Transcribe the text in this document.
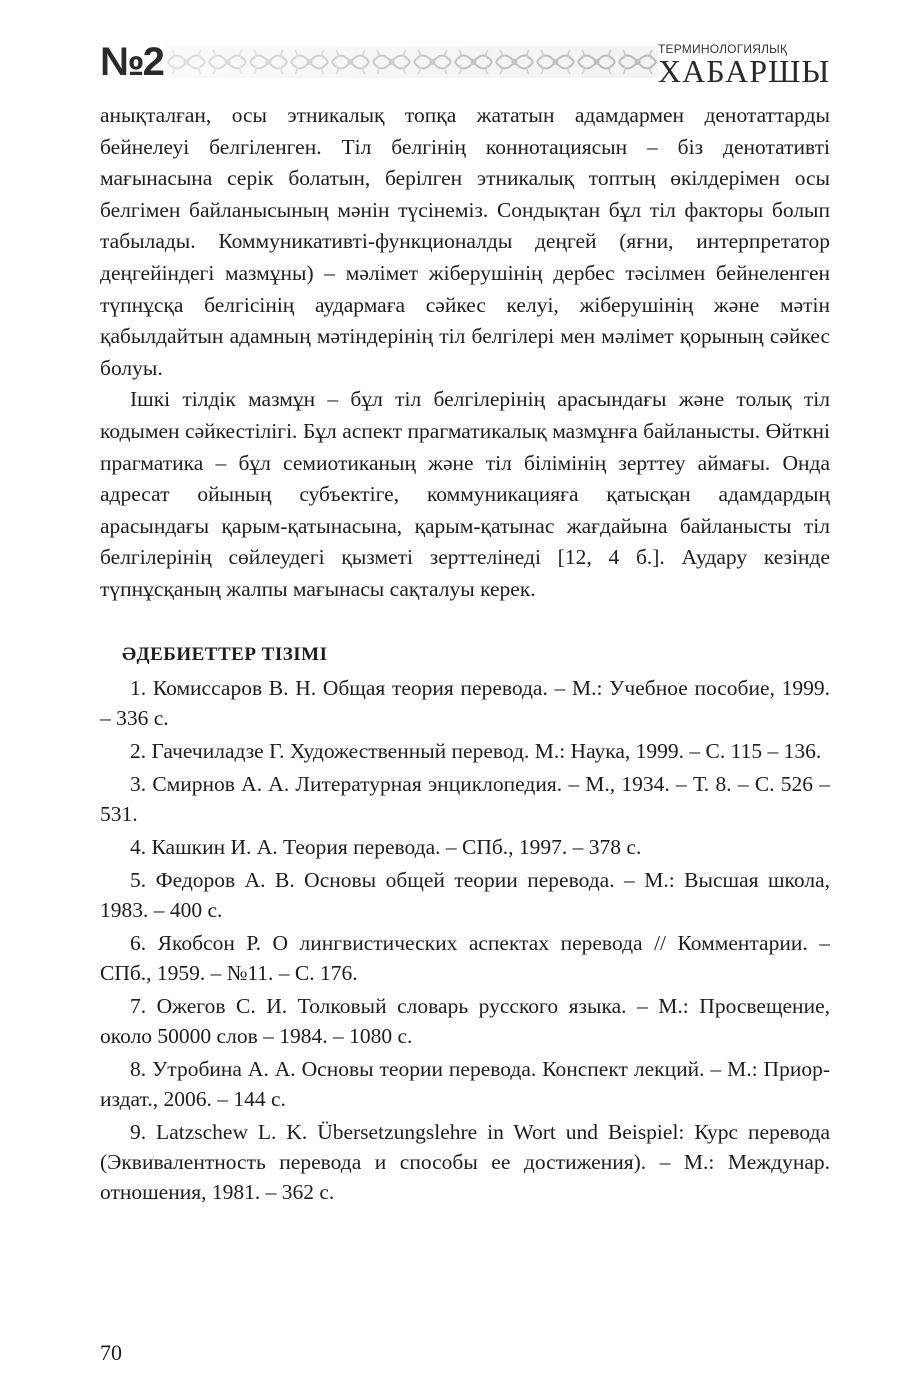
№2	ТЕРМИНОЛОГИЯЛЫҚ
ХАБАРШЫ

анықталған, осы этникалық топқа жататын адамдармен денотаттарды бейнелеуі белгіленген. Тіл белгінің коннотациясын – біз денотативті мағынасына серік болатын, берілген этникалық топтың өкілдерімен осы белгімен байланысының мәнін түсінеміз. Сондықтан бұл тіл факторы болып табылады. Коммуникативті-функционалды деңгей (яғни, интерпретатор деңгейіндегі мазмұны) – мәлімет жіберушінің дербес тәсілмен бейнеленген түпнұсқа белгісінің аудармаға сәйкес келуі, жіберушінің және мәтін қабылдайтын адамның мәтіндерінің тіл белгілері мен мәлімет қорының сәйкес болуы.

Ішкі тілдік мазмұн – бұл тіл белгілерінің арасындағы және толық тіл кодымен сәйкестілігі. Бұл аспект прагматикалық мазмұнға байланысты. Өйткні прагматика – бұл семиотиканың және тіл білімінің зерттеу аймағы. Онда адресат ойының субъектіге, коммуникацияға қатысқан адамдардың арасындағы қарым-қатынасына, қарым-қатынас жағдайына байланысты тіл белгілерінің сөйлеудегі қызметі зерттелінеді [12, 4 б.]. Аудару кезінде түпнұсқаның жалпы мағынасы сақталуы керек.

ӘДЕБИЕТТЕР ТІЗІМІ

1. Комиссаров В. Н. Общая теория перевода. – М.: Учебное пособие, 1999. – 336 с.

2. Гачечиладзе Г. Художественный перевод. М.: Наука, 1999. – С. 115 – 136.

3. Смирнов А. А. Литературная энциклопедия. – М., 1934. – Т. 8. – С. 526 – 531.

4. Кашкин И. А. Теория перевода. – СПб., 1997. – 378 с.

5. Федоров А. В. Основы общей теории перевода. – М.: Высшая школа, 1983. – 400 с.

6. Якобсон Р. О лингвистических аспектах перевода // Комментарии. – СПб., 1959. – №11. – С. 176.

7. Ожегов С. И. Толковый словарь русского языка. – М.: Просвещение, около 50000 слов – 1984. – 1080 с.

8. Утробина А. А. Основы теории перевода. Конспект лекций. – М.: Приор-издат., 2006. – 144 с.

9. Latzschew L. K. Übersetzungslehre in Wort und Beispiel: Курс перевода (Эквивалентность перевода и способы ее достижения). – М.: Междунар. отношения, 1981. – 362 с.

70
